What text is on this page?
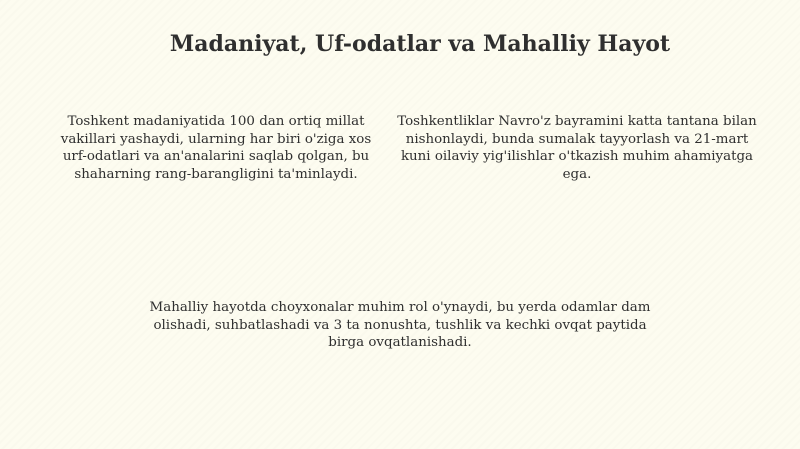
Madaniyat, Uf-odatlar va Mahalliy Hayot

Toshkent madaniyatida 100 dan ortiq millat vakillari yashaydi, ularning har biri o'ziga xos urf-odatlari va an'analarini saqlab qolgan, bu shaharning rang-barangligini ta'minlaydi.

Toshkentliklar Navro'z bayramini katta tantana bilan nishonlaydi, bunda sumalak tayyorlash va 21-mart kuni oilaviy yig'ilishlar o'tkazish muhim ahamiyatga ega.

Mahalliy hayotda choyxonalar muhim rol o'ynaydi, bu yerda odamlar dam olishadi, suhbatlashadi va 3 ta nonushta, tushlik va kechki ovqat paytida birga ovqatlanishadi.
